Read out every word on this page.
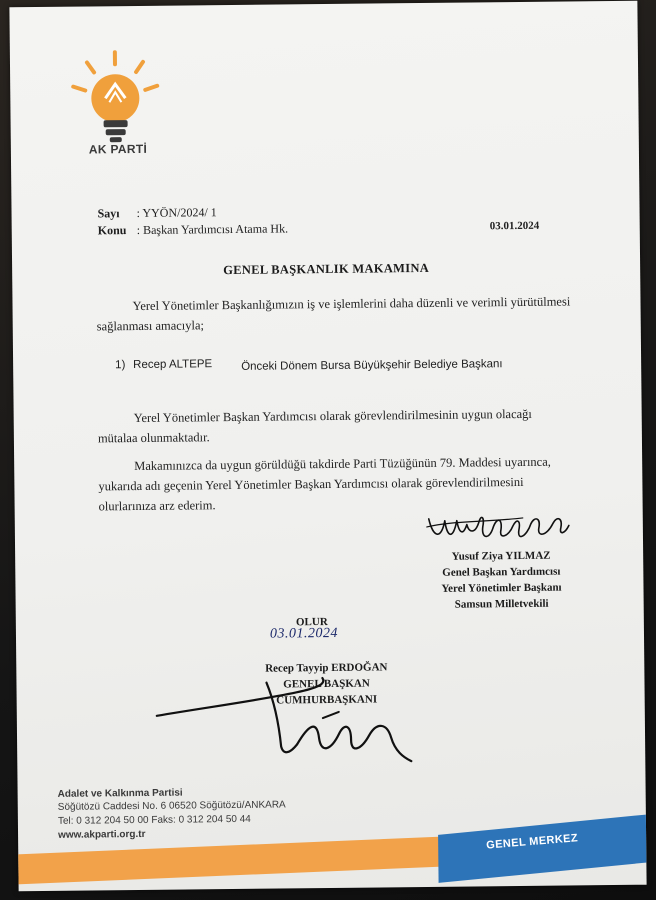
AK PARTİ
Sayı : YYÖN/2024/ 1
Konu : Başkan Yardımcısı Atama Hk.	03.01.2024
GENEL BAŞKANLIK MAKAMINA
Yerel Yönetimler Başkanlığımızın iş ve işlemlerini daha düzenli ve verimli yürütülmesi
sağlanması amacıyla;
1) Recep ALTEPE	Önceki Dönem Bursa Büyükşehir Belediye Başkanı
Yerel Yönetimler Başkan Yardımcısı olarak görevlendirilmesinin uygun olacağı
mütalaa olunmaktadır.
Makamınızca da uygun görüldüğü takdirde Parti Tüzüğünün 79. Maddesi uyarınca,
yukarıda adı geçenin Yerel Yönetimler Başkan Yardımcısı olarak görevlendirilmesini
olurlarınıza arz ederim.
Yusuf Ziya YILMAZ
Genel Başkan Yardımcısı
Yerel Yönetimler Başkanı
Samsun Milletvekili
OLUR
03.01.2024
Recep Tayyip ERDOĞAN
GENEL BAŞKAN
CUMHURBAŞKANI
Adalet ve Kalkınma Partisi
Söğütözü Caddesi No. 6 06520 Söğütözü/ANKARA
Tel: 0 312 204 50 00 Faks: 0 312 204 50 44
www.akparti.org.tr	GENEL MERKEZ
